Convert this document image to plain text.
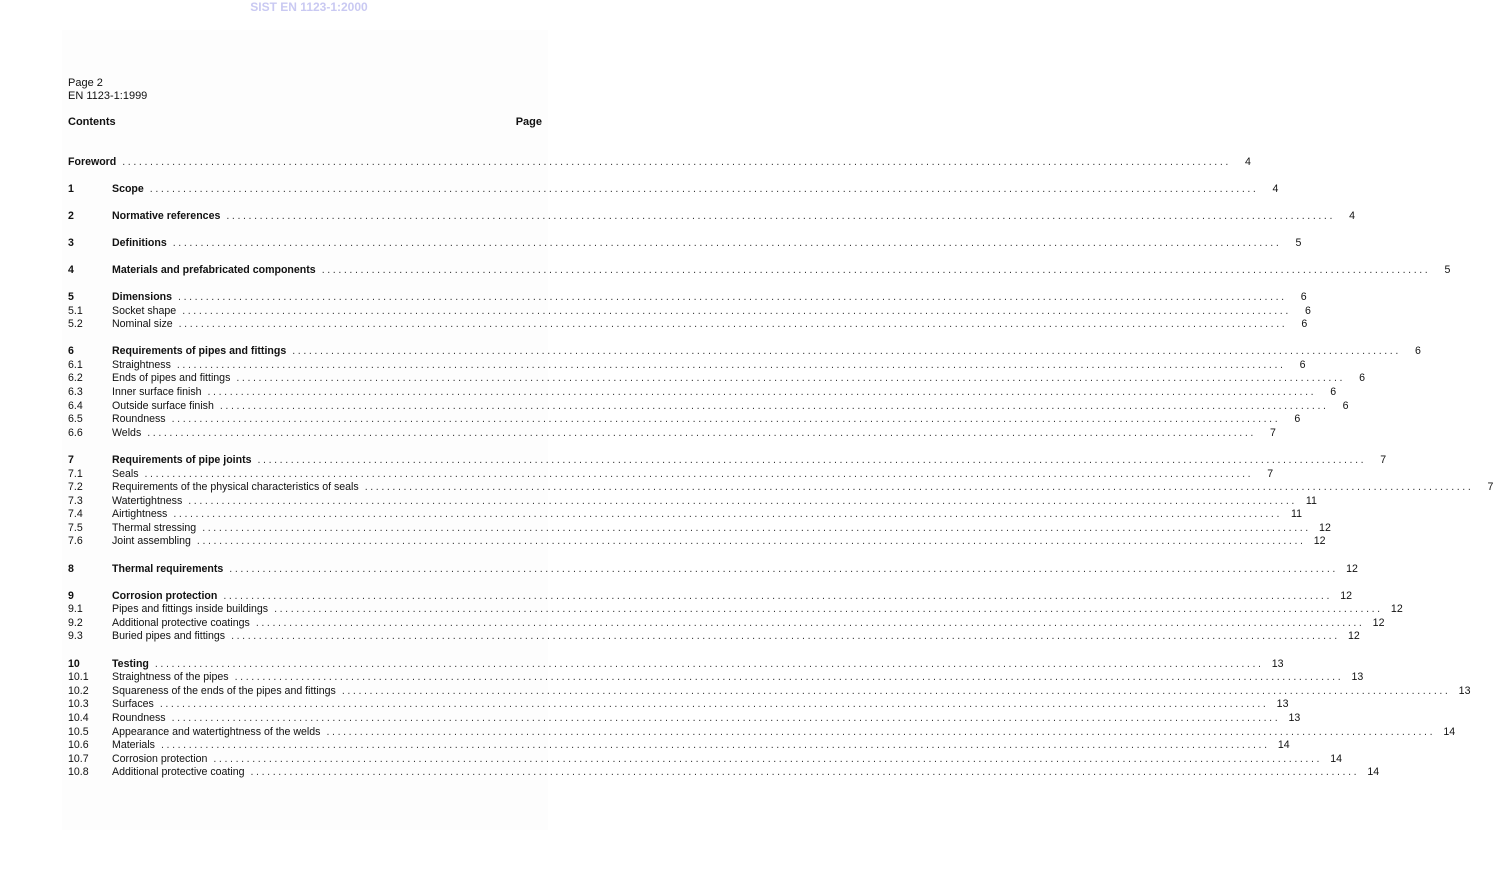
SIST EN 1123-1:2000
Page 2
EN 1123-1:1999
Contents	Page
Foreword ........................................................................................................................................................................................................	4
1	Scope ........................................................................................................................................................................................................	4
2	Normative references ........................................................................................................................................................................................................	4
3	Definitions ........................................................................................................................................................................................................	5
4	Materials and prefabricated components ........................................................................................................................................................................................................	5
5	Dimensions ........................................................................................................................................................................................................	6
5.1	Socket shape ........................................................................................................................................................................................................	6
5.2	Nominal size ........................................................................................................................................................................................................	6
6	Requirements of pipes and fittings ........................................................................................................................................................................................................	6
6.1	Straightness ........................................................................................................................................................................................................	6
6.2	Ends of pipes and fittings ........................................................................................................................................................................................................	6
6.3	Inner surface finish ........................................................................................................................................................................................................	6
6.4	Outside surface finish ........................................................................................................................................................................................................	6
6.5	Roundness ........................................................................................................................................................................................................	6
6.6	Welds ........................................................................................................................................................................................................	7
7	Requirements of pipe joints ........................................................................................................................................................................................................	7
7.1	Seals ........................................................................................................................................................................................................	7
7.2	Requirements of the physical characteristics of seals ........................................................................................................................................................................................................	7
7.3	Watertightness ........................................................................................................................................................................................................ 11
7.4	Airtightness ........................................................................................................................................................................................................ 11
7.5	Thermal stressing ........................................................................................................................................................................................................ 12
7.6	Joint assembling ........................................................................................................................................................................................................ 12
8	Thermal requirements ........................................................................................................................................................................................................ 12
9	Corrosion protection ........................................................................................................................................................................................................ 12
9.1	Pipes and fittings inside buildings ........................................................................................................................................................................................................ 12
9.2	Additional protective coatings ........................................................................................................................................................................................................ 12
9.3	Buried pipes and fittings ........................................................................................................................................................................................................ 12
10	Testing ........................................................................................................................................................................................................ 13
10.1	Straightness of the pipes ........................................................................................................................................................................................................ 13
10.2	Squareness of the ends of the pipes and fittings ........................................................................................................................................................................................................ 13
10.3	Surfaces ........................................................................................................................................................................................................ 13
10.4	Roundness ........................................................................................................................................................................................................ 13
10.5	Appearance and watertightness of the welds ........................................................................................................................................................................................................ 14
10.6	Materials ........................................................................................................................................................................................................ 14
10.7	Corrosion protection ........................................................................................................................................................................................................ 14
10.8	Additional protective coating ........................................................................................................................................................................................................ 14
